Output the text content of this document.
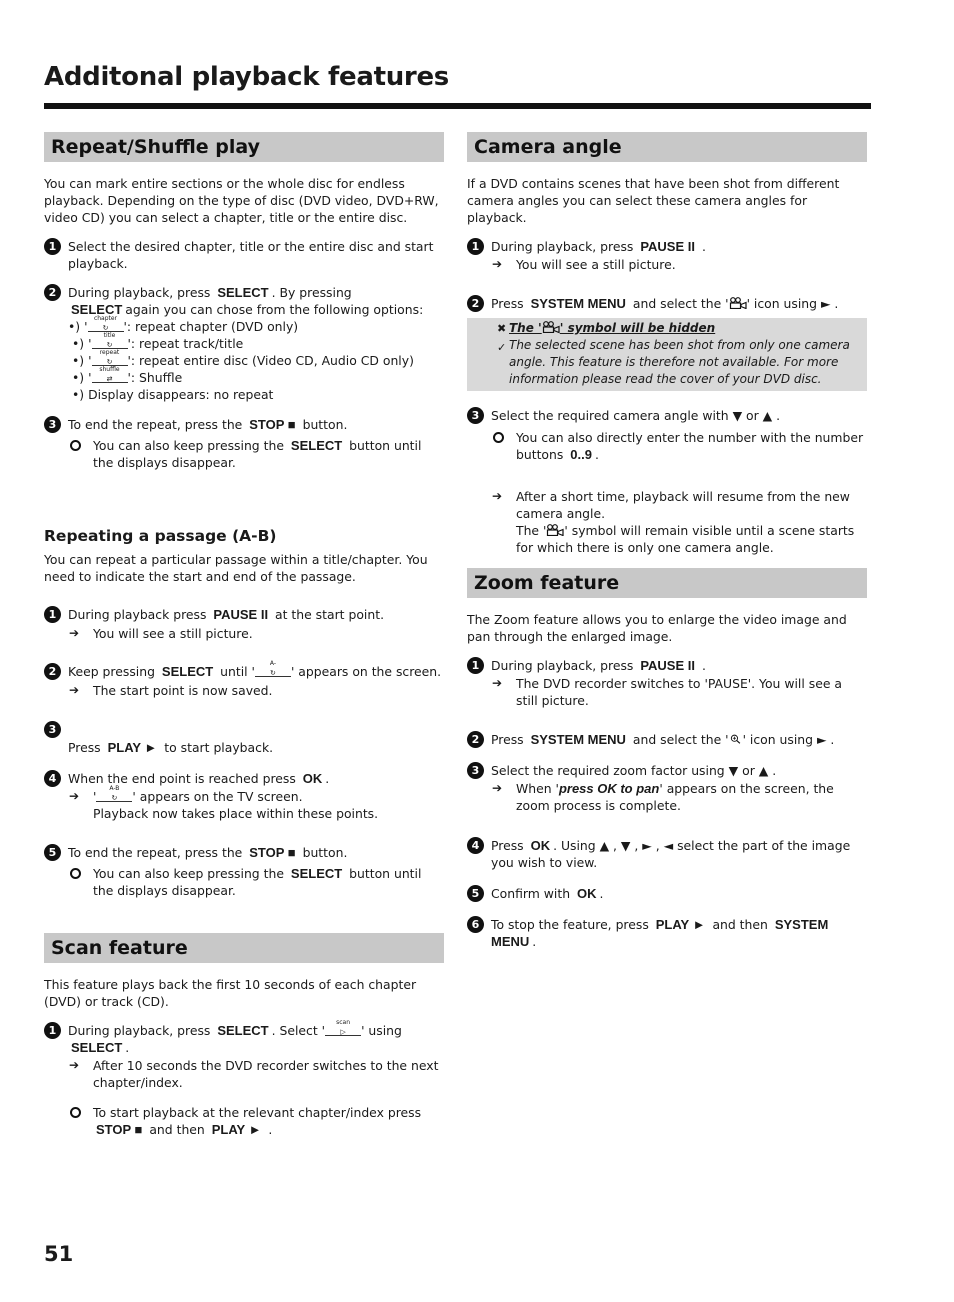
Additonal playback features
Repeat/Shuffle play

You can mark entire sections or the whole disc for endless playback. Depending on the type of disc (DVD video, DVD+RW, video CD) you can select a chapter, title or the entire disc.

1 Select the desired chapter, title or the entire disc and start playback.
2 During playback, press SELECT . By pressing SELECT again you can chose from the following options:
•) '
chapter
↻	': repeat chapter (DVD only)
•) '
title
↻	': repeat track/title
•) '
repeat
↻	': repeat entire disc (Video CD, Audio CD only)
•) '
shuffle
⇄	': Shuffle
•) Display disappears: no repeat
3 To end the repeat, press the STOP ■ button.
You can also keep pressing the SELECT button until the displays disappear.
Repeating a passage (A-B)

You can repeat a particular passage within a title/chapter. You need to indicate the start and end of the passage.

1 During playback press PAUSE II at the start point.
➔ You will see a still picture.
2 Keep pressing SELECT until '
A-
↻	' appears on the screen.
➔ The start point is now saved.
3
Press PLAY ► to start playback.
4 When the end point is reached press OK .
➔ '
A-B
↻	' appears on the TV screen.
Playback now takes place within these points.
5 To end the repeat, press the STOP ■ button.
You can also keep pressing the SELECT button until the displays disappear.
Scan feature

This feature plays back the first 10 seconds of each chapter (DVD) or track (CD).

1 During playback, press SELECT . Select '
scan
▷	' using
SELECT .
➔ After 10 seconds the DVD recorder switches to the next chapter/index.
To start playback at the relevant chapter/index press
STOP ■ and then PLAY ► .
Camera angle

If a DVD contains scenes that have been shot from different camera angles you can select these camera angles for playback.

1 During playback, press PAUSE II .
➔ You will see a still picture.
2 Press SYSTEM MENU and select the ' ' icon using ► .
✖
✓
The ' ' symbol will be hidden
The selected scene has been shot from only one camera angle. This feature is therefore not available. For more information please read the cover of your DVD disc.
3 Select the required camera angle with ▼ or ▲ .
You can also directly enter the number with the number buttons 0..9 .
➔ After a short time, playback will resume from the new camera angle.
The ' ' symbol will remain visible until a scene starts for which there is only one camera angle.
Zoom feature

The Zoom feature allows you to enlarge the video image and pan through the enlarged image.

1 During playback, press PAUSE II .
➔ The DVD recorder switches to 'PAUSE'. You will see a still picture.
2 Press SYSTEM MENU and select the ' ' icon using ► .
3 Select the required zoom factor using ▼ or ▲ .
➔ When 'press OK to pan' appears on the screen, the zoom process is complete.
4 Press OK . Using ▲ , ▼ , ► , ◄ select the part of the image you wish to view.
5 Confirm with OK .
6 To stop the feature, press PLAY ► and then SYSTEM MENU .
51
